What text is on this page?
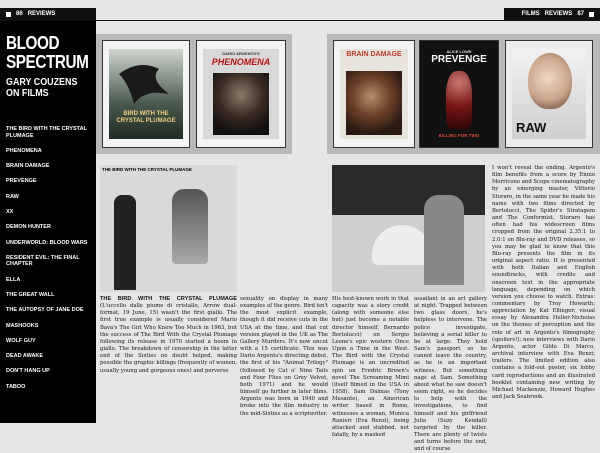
86 REVIEWS	FILMS REVIEWS 87
BLOOD
SPECTRUM
GARY COUZENS
ON FILMS
THE BIRD WITH THE CRYSTAL PLUMAGE
PHENOMENA
BRAIN DAMAGE
PREVENGE
RAW
XX
DEMON HUNTER
UNDERWORLD: BLOOD WARS
RESIDENT EVIL: THE FINAL CHAPTER
ELLA
THE GREAT WALL
THE AUTOPSY OF JANE DOE
MASHOOKS
WOLF GUY
DEAD AWAKE
DON'T HANG UP
TABOO
BIRD WITH THE CRYSTAL PLUMAGE
DARIO ARGENTO'S
PHENOMENA
BRAIN DAMAGE	ALICE LOWE
PREVENGE
KILLING FOR TWO
RAW
THE BIRD WITH THE CRYSTAL PLUMAGE
THE BIRD WITH THE CRYSTAL PLUMAGE (L'uccello dalle piume di cristallo, Arrow dual-format, 19 June, 15) wasn't the first giallo. The first true example is usually considered Mario Bava's The Girl Who Knew Too Much in 1963, but the success of The Bird With the Crystal Plumage following its release in 1970 started a boom in giallo. The breakdown of censorship in the latter end of the Sixties no doubt helped, making possible the graphic killings (frequently of women, usually young and gorgeous ones) and perverse
sexuality on display in many examples of the genre. Bird isn't the most explicit example, though it did receive cuts in the USA at the time, and that cut version played in the UK as The Gallery Murders. It's now uncut with a 15 certificate. This was Dario Argento's directing debut, the first of his "Animal Trilogy" (followed by Cat o' Nine Tails and Four Flies on Grey Velvet, both 1971) and he would himself go further in later films. Argento was born in 1940 and broke into the film industry in the mid-Sixties as a scriptwriter.
His best-known work in that capacity was a story credit (along with someone else but) just become a notable director himself, Bernardo Bertolucci) on Sergio Leone's epic western Once Upon a Time in the West. The Bird with the Crystal Plumage is an uncredited spin on Fredric Brown's novel The Screaming Mimi (itself filmed in the USA in 1958). Sam Dalmas (Tony Musante), an American writer based in Rome, witnesses a woman, Monica Ranieri (Eva Renzi), being attacked and stabbed, not fatally, by a masked
assailant in an art gallery at night. Trapped between two glass doors, he's helpless to intervene. The police investigate, believing a serial killer to be at large. They hold Sam's passport so he cannot leave the country, as he is an important witness. But something nags at Sam. Something about what he saw doesn't seem right, so he decides to help with the investigations, to find himself and his girlfriend Julia (Suzy Kendall) targeted by the killer. There are plenty of twists and turns before the end, and of course
I won't reveal the ending. Argento's film benefits from a score by Ennio Morricone and Scope cinematography by an emerging master, Vittorio Storaro, in the same year he made his name with two films directed by Bertolucci, The Spider's Stratagem and The Conformist. Storaro has often had his widescreen films cropped from the original 2.35:1 to 2.0:1 on Blu-ray and DVD releases, so you may be glad to know that this Blu-ray presents the film in its original aspect ratio. It is presented with both Italian and English soundtracks, with credits and onscreen text in the appropriate language, depending on which version you choose to watch. Extras: commentary by Troy Howarth; appreciation by Kat Ellinger; visual essay by Alexandra Heller-Nicholas on the themes of perception and the role of art in Argento's filmography (spoilers!); new interviews with Dario Argento, actor Gildo Di Marco, archival interview with Eva Renzi; trailers. The limited edition also contains a fold-out poster, six lobby card reproductions and an illustrated booklet containing new writing by Michael Mackenzie, Howard Hughes and Jack Seabrook.
